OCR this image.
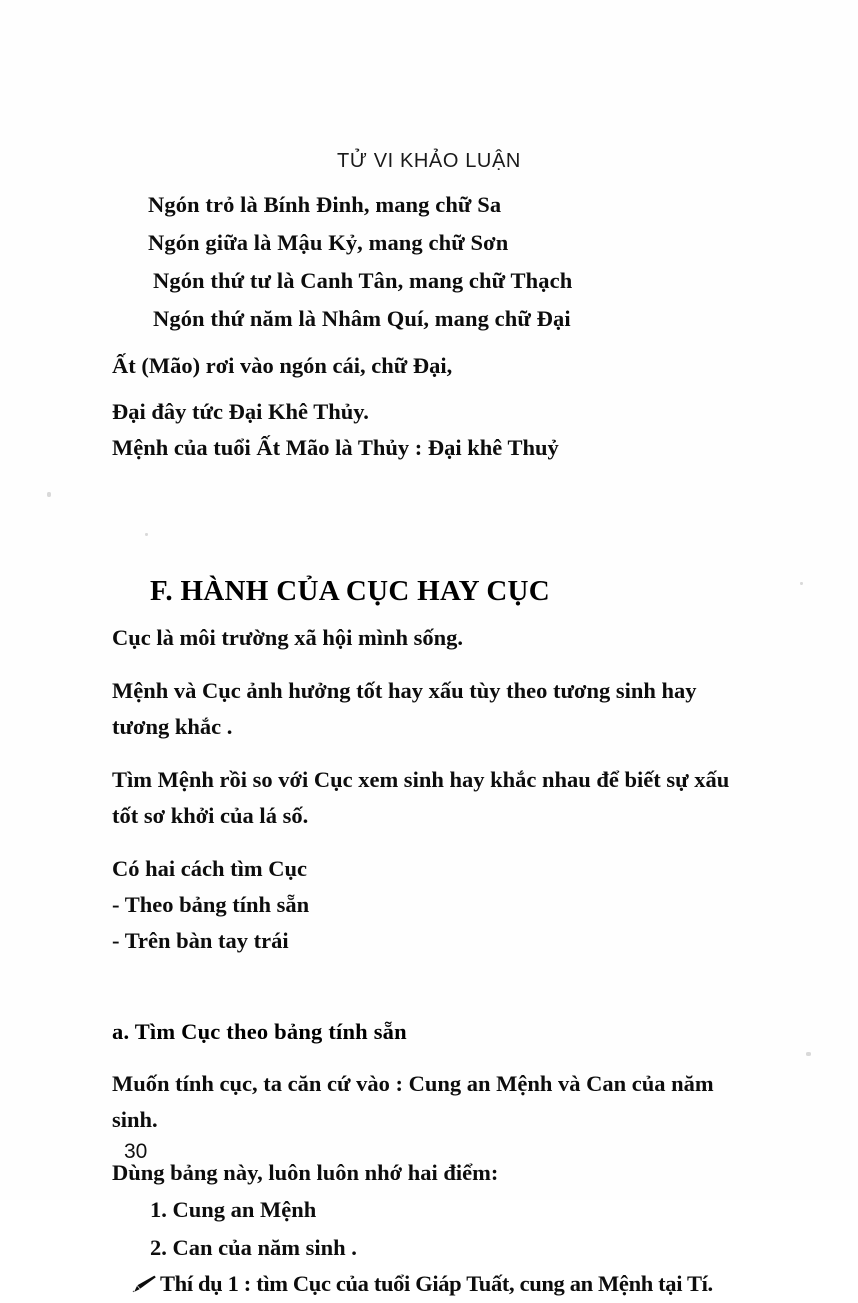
TỬ VI KHẢO LUẬN
Ngón trỏ là Bính Đinh, mang chữ Sa
Ngón giữa là Mậu Kỷ, mang chữ Sơn
Ngón thứ tư là Canh Tân, mang chữ Thạch
Ngón thứ năm là Nhâm Quí, mang chữ Đại

Ất (Mão) rơi vào ngón cái, chữ Đại,

Đại đây tức Đại Khê Thủy.

Mệnh của tuổi Ất Mão là Thủy : Đại khê Thuỷ

F. HÀNH CỦA CỤC HAY CỤC

Cục là môi trường xã hội mình sống.

Mệnh và Cục ảnh hưởng tốt hay xấu tùy theo tương sinh hay tương khắc .

Tìm Mệnh rồi so với Cục xem sinh hay khắc nhau để biết sự xấu tốt sơ khởi của lá số.

Có hai cách tìm Cục

- Theo bảng tính sẵn

- Trên bàn tay trái

a. Tìm Cục theo bảng tính sẵn

Muốn tính cục, ta căn cứ vào : Cung an Mệnh và Can của năm sinh.

Dùng bảng này, luôn luôn nhớ hai điểm:

1. Cung an Mệnh

2. Can của năm sinh .

Thí dụ 1 : tìm Cục của tuổi Giáp Tuất, cung an Mệnh tại Tí.

30
